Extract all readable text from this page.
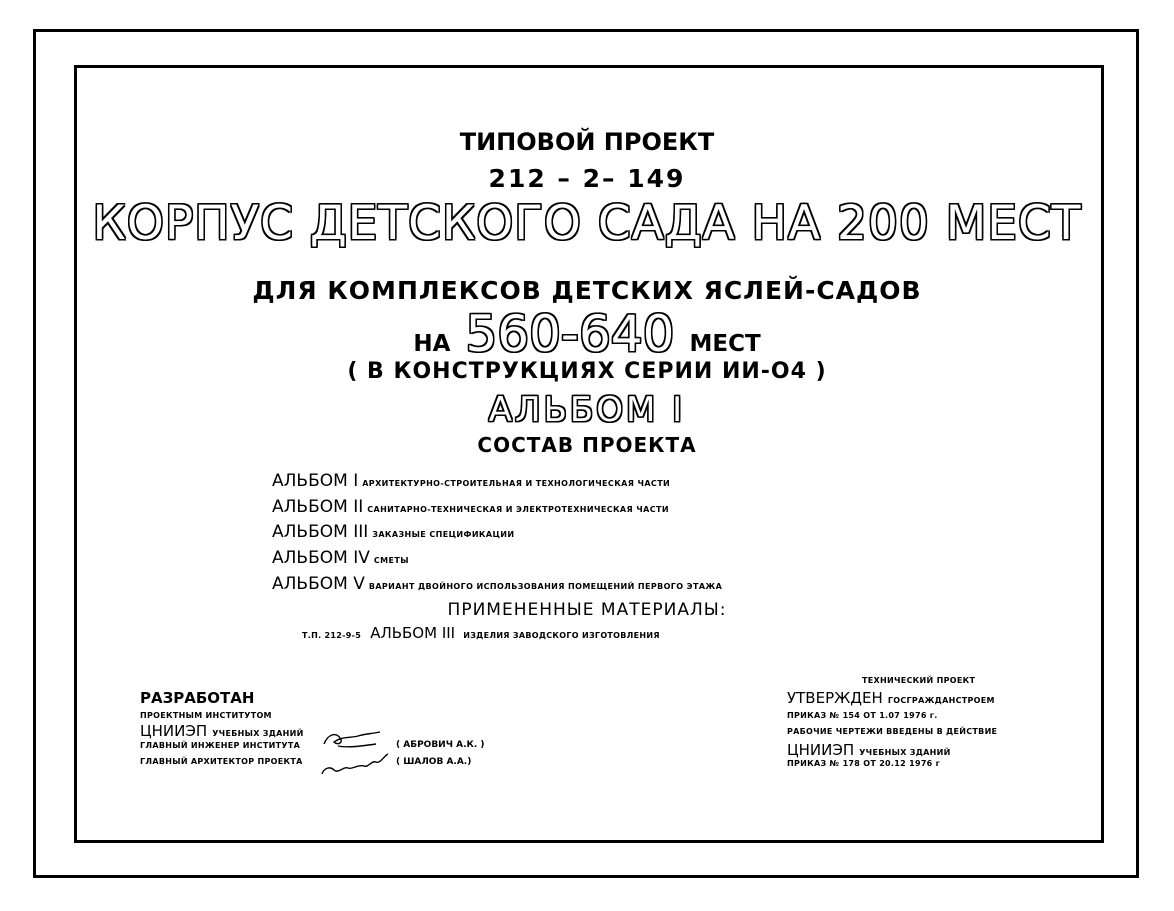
ТИПОВОЙ ПРОЕКТ
212 – 2– 149
КОРПУС ДЕТСКОГО САДА НА 200 МЕСТ
ДЛЯ КОМПЛЕКСОВ ДЕТСКИХ ЯСЛЕЙ-САДОВ
НА 560-640 МЕСТ
( В КОНСТРУКЦИЯХ СЕРИИ ИИ-О4 )
АЛЬБОМ I
СОСТАВ ПРОЕКТА
АЛЬБОМ I АРХИТЕКТУРНО-СТРОИТЕЛЬНАЯ И ТЕХНОЛОГИЧЕСКАЯ ЧАСТИ
АЛЬБОМ II САНИТАРНО-ТЕХНИЧЕСКАЯ И ЭЛЕКТРОТЕХНИЧЕСКАЯ ЧАСТИ
АЛЬБОМ III ЗАКАЗНЫЕ СПЕЦИФИКАЦИИ
АЛЬБОМ IV СМЕТЫ
АЛЬБОМ V ВАРИАНТ ДВОЙНОГО ИСПОЛЬЗОВАНИЯ ПОМЕЩЕНИЙ ПЕРВОГО ЭТАЖА
ПРИМЕНЕННЫЕ МАТЕРИАЛЫ:
Т.П. 212-9-5 АЛЬБОМ III ИЗДЕЛИЯ ЗАВОДСКОГО ИЗГОТОВЛЕНИЯ
РАЗРАБОТАН
ПРОЕКТНЫМ ИНСТИТУТОМ
ЦНИИЭП УЧЕБНЫХ ЗДАНИЙ
ГЛАВНЫЙ ИНЖЕНЕР ИНСТИТУТА
ГЛАВНЫЙ АРХИТЕКТОР ПРОЕКТА
( АБРОВИЧ А.К. )
( ШАЛОВ А.А.)
ТЕХНИЧЕСКИЙ ПРОЕКТ
УТВЕРЖДЕН ГОСГРАЖДАНСТРОЕМ
ПРИКАЗ № 154 ОТ 1.07 1976 г.
РАБОЧИЕ ЧЕРТЕЖИ ВВЕДЕНЫ В ДЕЙСТВИЕ
ЦНИИЭП УЧЕБНЫХ ЗДАНИЙ
ПРИКАЗ № 178 ОТ 20.12 1976 г
